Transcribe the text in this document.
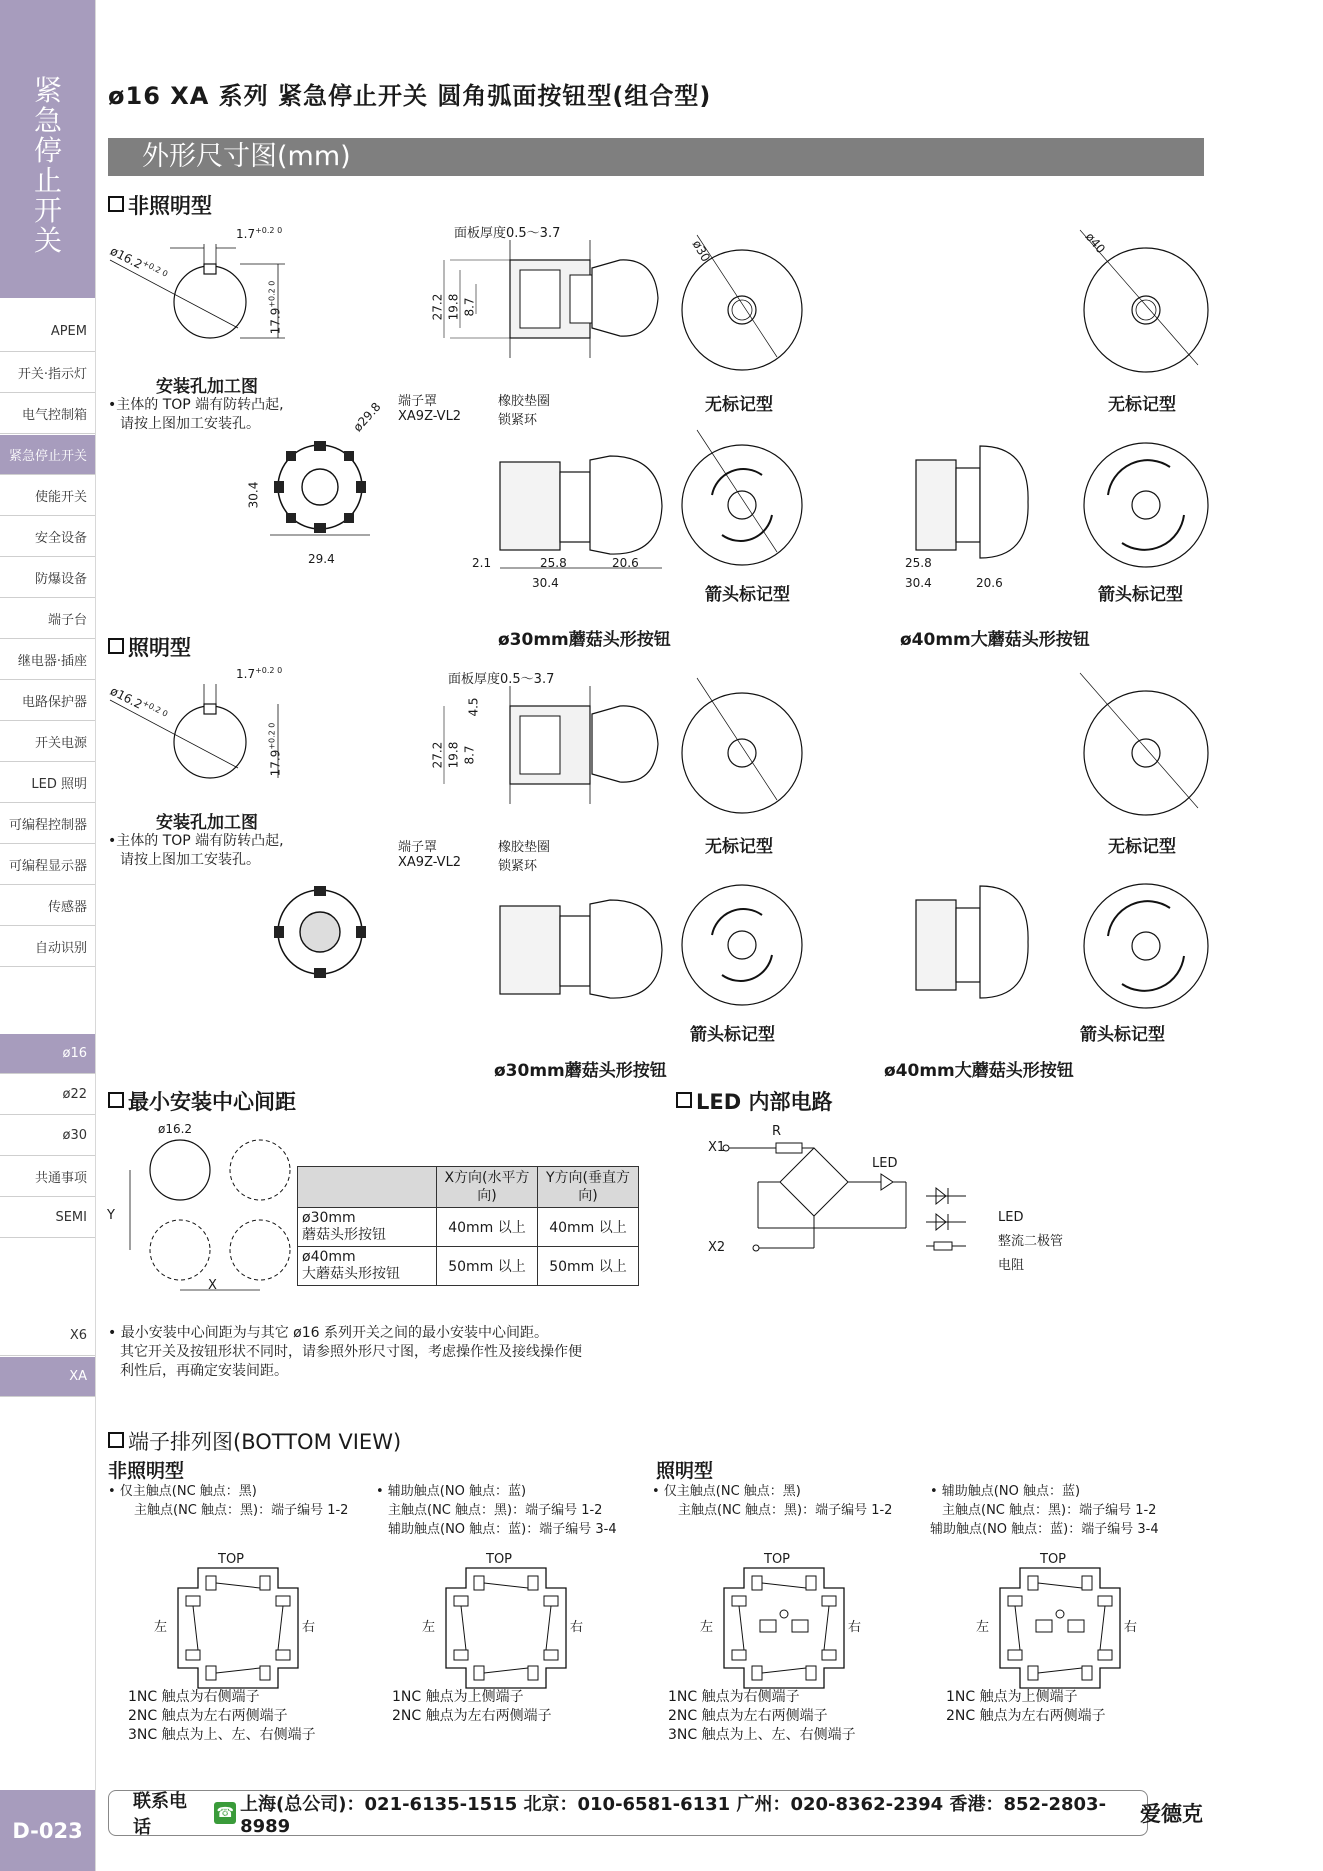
紧急停止开关
APEM
开关·指示灯
电气控制箱
紧急停止开关
使能开关
安全设备
防爆设备
端子台
继电器·插座
电路保护器
开关电源
LED 照明
可编程控制器
可编程显示器
传感器
自动识别
ø16
ø22
ø30
共通事项
SEMI
X6
XA
D-023
ø16 XA 系列 紧急停止开关 圆角弧面按钮型(组合型)
外形尺寸图(mm)
非照明型
$1.7^{+0.2 0}$
$ø16.2^{+0.2 0}$
$17.9^{+0.2 0}$
安装孔加工图
•主体的 TOP 端有防转凸起,
请按上图加工安装孔。
面板厚度0.5〜3.7
27.2 19.8 8.7
ø30
无标记型
ø40
无标记型
ø29.8
30.4
29.4
端子罩
XA9Z-VL2
橡胶垫圈
锁紧环
2.1	25.8	20.6
30.4
箭头标记型
25.8
30.4	20.6
箭头标记型
ø30mm蘑菇头形按钮	ø40mm大蘑菇头形按钮
照明型
$1.7^{+0.2 0}$
$ø16.2^{+0.2 0}$
$17.9^{+0.2 0}$
安装孔加工图
•主体的 TOP 端有防转凸起,
请按上图加工安装孔。
面板厚度0.5〜3.7
4.5
27.2 19.8 8.7
无标记型	无标记型
端子罩
XA9Z-VL2
橡胶垫圈
锁紧环
箭头标记型	箭头标记型
ø30mm蘑菇头形按钮	ø40mm大蘑菇头形按钮
最小安装中心间距
ø16.2
Y
X
	X方向(水平方向)	Y方向(垂直方向)

ø30mm
蘑菇头形按钮	40mm 以上	40mm 以上

ø40mm
大蘑菇头形按钮	50mm 以上	50mm 以上
• 最小安装中心间距为与其它 ø16 系列开关之间的最小安装中心间距。
其它开关及按钮形状不同时，请参照外形尺寸图，考虑操作性及接线操作便
利性后，再确定安装间距。
LED 内部电路
X1
X2
R
LED
LED
整流二极管
电阻
端子排列图(BOTTOM VIEW)
非照明型	照明型
• 仅主触点(NC 触点：黑)
主触点(NC 触点：黑)：端子编号 1-2
• 辅助触点(NO 触点：蓝)
主触点(NC 触点：黑)：端子编号 1-2
辅助触点(NO 触点：蓝)：端子编号 3-4
• 仅主触点(NC 触点：黑)
主触点(NC 触点：黑)：端子编号 1-2
• 辅助触点(NO 触点：蓝)
主触点(NC 触点：黑)：端子编号 1-2
辅助触点(NO 触点：蓝)：端子编号 3-4
TOP
左	右
TOP
左	右
TOP
左	右
TOP
左	右
1NC 触点为右侧端子
2NC 触点为左右两侧端子
3NC 触点为上、左、右侧端子
1NC 触点为上侧端子
2NC 触点为左右两侧端子
1NC 触点为右侧端子
2NC 触点为左右两侧端子
3NC 触点为上、左、右侧端子
1NC 触点为上侧端子
2NC 触点为左右两侧端子
联系电话
☎ 上海(总公司)：021-6135-1515 北京：010-6581-6131 广州：020-8362-2394 香港：852-2803-8989	爱德克
